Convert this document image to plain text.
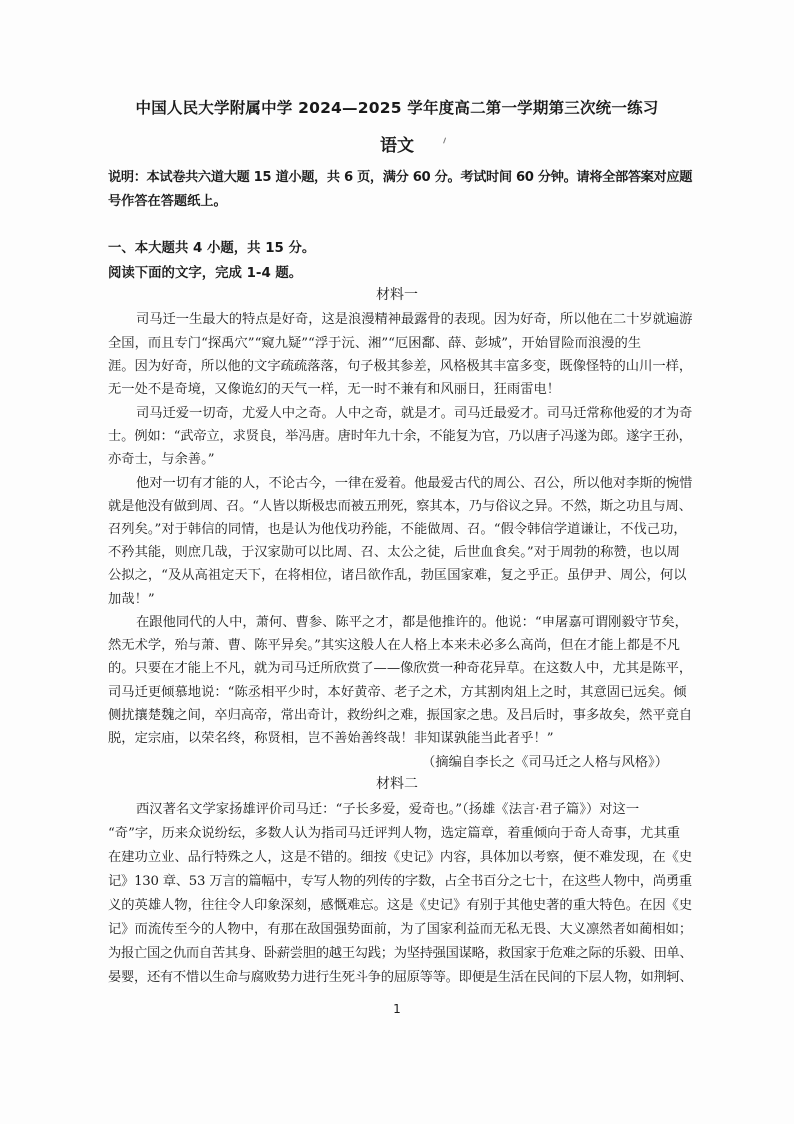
中国人民大学附属中学 2024—2025 学年度高二第一学期第三次统一练习
语文
说明：本试卷共六道大题 15 道小题，共 6 页，满分 60 分。考试时间 60 分钟。请将全部答案对应题
号作答在答题纸上。
一、本大题共 4 小题，共 15 分。
阅读下面的文字，完成 1-4 题。
材料一
司马迁一生最大的特点是好奇，这是浪漫精神最露骨的表现。因为好奇，所以他在二十岁就遍游
全国，而且专门“探禹穴”“窥九疑”“浮于沅、湘”“厄困鄱、薛、彭城”，开始冒险而浪漫的生
涯。因为好奇，所以他的文字疏疏落落，句子极其参差，风格极其丰富多变，既像怪特的山川一样，
无一处不是奇境，又像诡幻的天气一样，无一时不兼有和风丽日，狂雨雷电！
司马迁爱一切奇，尤爱人中之奇。人中之奇，就是才。司马迁最爱才。司马迁常称他爱的才为奇
士。例如：“武帝立，求贤良，举冯唐。唐时年九十余，不能复为官，乃以唐子冯遂为郎。遂字王孙，
亦奇士，与余善。”
他对一切有才能的人，不论古今，一律在爱着。他最爱古代的周公、召公，所以他对李斯的惋惜
就是他没有做到周、召。“人皆以斯极忠而被五刑死，察其本，乃与俗议之异。不然，斯之功且与周、
召列矣。”对于韩信的同情，也是认为他伐功矜能，不能做周、召。“假令韩信学道谦让，不伐己功，
不矜其能，则庶几哉，于汉家勋可以比周、召、太公之徒，后世血食矣。”对于周勃的称赞，也以周
公拟之，“及从高祖定天下，在将相位，诸吕欲作乱，勃匡国家难，复之乎正。虽伊尹、周公，何以
加哉！”
在跟他同代的人中，萧何、曹参、陈平之才，都是他推许的。他说：“申屠嘉可谓刚毅守节矣，
然无术学，殆与萧、曹、陈平异矣。”其实这般人在人格上本来未必多么高尚，但在才能上都是不凡
的。只要在才能上不凡，就为司马迁所欣赏了——像欣赏一种奇花异草。在这数人中，尤其是陈平，
司马迁更倾慕地说：“陈丞相平少时，本好黄帝、老子之术，方其割肉俎上之时，其意固已远矣。倾
侧扰攘楚魏之间，卒归高帝，常出奇计，救纷纠之难，振国家之患。及吕后时，事多故矣，然平竟自
脱，定宗庙，以荣名终，称贤相，岂不善始善终哉！非知谋孰能当此者乎！”
（摘编自李长之《司马迁之人格与风格》）
材料二
西汉著名文学家扬雄评价司马迁：“子长多爱，爱奇也。”（扬雄《法言·君子篇》）对这一
“奇”字，历来众说纷纭，多数人认为指司马迁评判人物，选定篇章，着重倾向于奇人奇事，尤其重
在建功立业、品行特殊之人，这是不错的。细按《史记》内容，具体加以考察，便不难发现，在《史
记》130 章、53 万言的篇幅中，专写人物的列传的字数，占全书百分之七十，在这些人物中，尚勇重
义的英雄人物，往往令人印象深刻，感慨难忘。这是《史记》有别于其他史著的重大特色。在因《史
记》而流传至今的人物中，有那在敌国强势面前，为了国家利益而无私无畏、大义凛然者如蔺相如；
为报亡国之仇而自苦其身、卧薪尝胆的越王勾践；为坚持强国谋略，救国家于危难之际的乐毅、田单、
晏婴，还有不惜以生命与腐败势力进行生死斗争的屈原等等。即便是生活在民间的下层人物，如荆轲、
1
